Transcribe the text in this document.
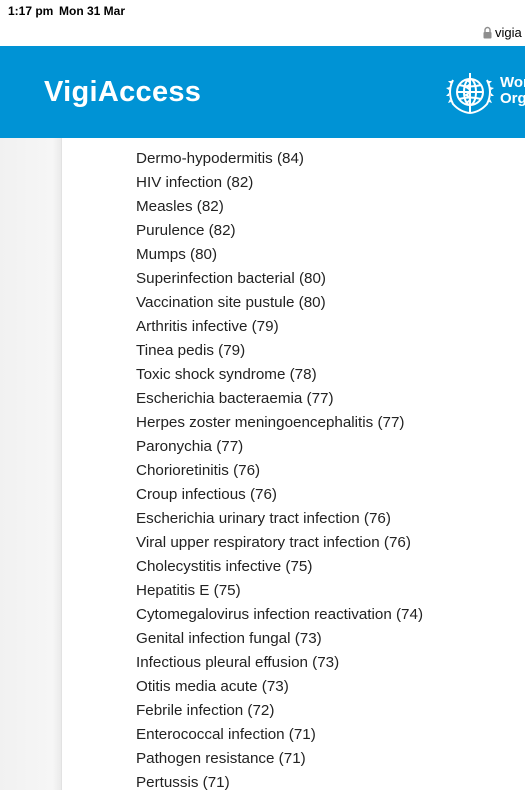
1:17 pm Mon 31 Mar
vigia
VigiAccess	Wor
Org

Dermo-hypodermitis (84)
HIV infection (82)
Measles (82)
Purulence (82)
Mumps (80)
Superinfection bacterial (80)
Vaccination site pustule (80)
Arthritis infective (79)
Tinea pedis (79)
Toxic shock syndrome (78)
Escherichia bacteraemia (77)
Herpes zoster meningoencephalitis (77)
Paronychia (77)
Chorioretinitis (76)
Croup infectious (76)
Escherichia urinary tract infection (76)
Viral upper respiratory tract infection (76)
Cholecystitis infective (75)
Hepatitis E (75)
Cytomegalovirus infection reactivation (74)
Genital infection fungal (73)
Infectious pleural effusion (73)
Otitis media acute (73)
Febrile infection (72)
Enterococcal infection (71)
Pathogen resistance (71)
Pertussis (71)
